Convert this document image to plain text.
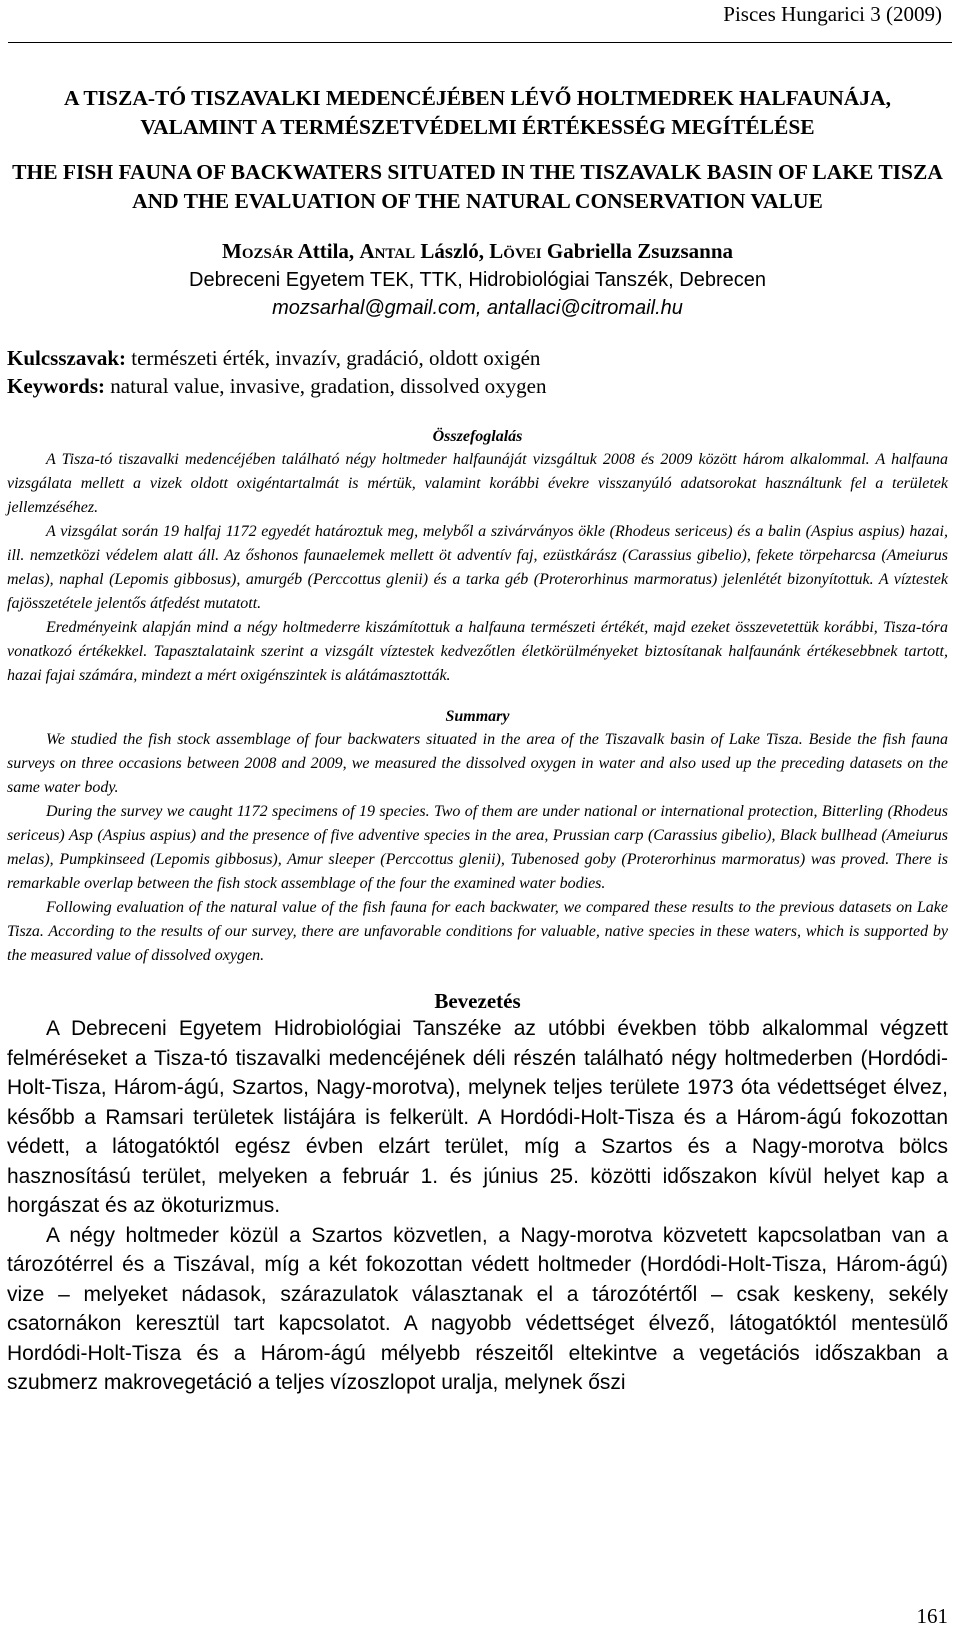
Pisces Hungarici 3 (2009)

A TISZA-TÓ TISZAVALKI MEDENCÉJÉBEN LÉVŐ HOLTMEDREK HALFAUNÁJA, VALAMINT A TERMÉSZETVÉDELMI ÉRTÉKESSÉG MEGÍTÉLÉSE

THE FISH FAUNA OF BACKWATERS SITUATED IN THE TISZAVALK BASIN OF LAKE TISZA AND THE EVALUATION OF THE NATURAL CONSERVATION VALUE

Mozsár Attila, Antal László, Lövei Gabriella Zsuzsanna
Debreceni Egyetem TEK, TTK, Hidrobiológiai Tanszék, Debrecen
mozsarhal@gmail.com, antallaci@citromail.hu
Kulcsszavak: természeti érték, invazív, gradáció, oldott oxigén
Keywords: natural value, invasive, gradation, dissolved oxygen
Összefoglalás

A Tisza-tó tiszavalki medencéjében található négy holtmeder halfaunáját vizsgáltuk 2008 és 2009 között három alkalommal. A halfauna vizsgálata mellett a vizek oldott oxigéntartalmát is mértük, valamint korábbi évekre visszanyúló adatsorokat használtunk fel a területek jellemzéséhez.

A vizsgálat során 19 halfaj 1172 egyedét határoztuk meg, melyből a szivárványos ökle (Rhodeus sericeus) és a balin (Aspius aspius) hazai, ill. nemzetközi védelem alatt áll. Az őshonos faunaelemek mellett öt adventív faj, ezüstkárász (Carassius gibelio), fekete törpeharcsa (Ameiurus melas), naphal (Lepomis gibbosus), amurgéb (Perccottus glenii) és a tarka géb (Proterorhinus marmoratus) jelenlétét bizonyítottuk. A víztestek fajösszetétele jelentős átfedést mutatott.

Eredményeink alapján mind a négy holtmederre kiszámítottuk a halfauna természeti értékét, majd ezeket összevetettük korábbi, Tisza-tóra vonatkozó értékekkel. Tapasztalataink szerint a vizsgált víztestek kedvezőtlen életkörülményeket biztosítanak halfaunánk értékesebbnek tartott, hazai fajai számára, mindezt a mért oxigénszintek is alátámasztották.

Summary

We studied the fish stock assemblage of four backwaters situated in the area of the Tiszavalk basin of Lake Tisza. Beside the fish fauna surveys on three occasions between 2008 and 2009, we measured the dissolved oxygen in water and also used up the preceding datasets on the same water body.

During the survey we caught 1172 specimens of 19 species. Two of them are under national or international protection, Bitterling (Rhodeus sericeus) Asp (Aspius aspius) and the presence of five adventive species in the area, Prussian carp (Carassius gibelio), Black bullhead (Ameiurus melas), Pumpkinseed (Lepomis gibbosus), Amur sleeper (Perccottus glenii), Tubenosed goby (Proterorhinus marmoratus) was proved. There is remarkable overlap between the fish stock assemblage of the four the examined water bodies.

Following evaluation of the natural value of the fish fauna for each backwater, we compared these results to the previous datasets on Lake Tisza. According to the results of our survey, there are unfavorable conditions for valuable, native species in these waters, which is supported by the measured value of dissolved oxygen.

Bevezetés

A Debreceni Egyetem Hidrobiológiai Tanszéke az utóbbi években több alkalommal végzett felméréseket a Tisza-tó tiszavalki medencéjének déli részén található négy holtmederben (Hordódi-Holt-Tisza, Három-ágú, Szartos, Nagy-morotva), melynek teljes területe 1973 óta védettséget élvez, később a Ramsari területek listájára is felkerült. A Hordódi-Holt-Tisza és a Három-ágú fokozottan védett, a látogatóktól egész évben elzárt terület, míg a Szartos és a Nagy-morotva bölcs hasznosítású terület, melyeken a február 1. és június 25. közötti időszakon kívül helyet kap a horgászat és az ökoturizmus.

A négy holtmeder közül a Szartos közvetlen, a Nagy-morotva közvetett kapcsolatban van a tározótérrel és a Tiszával, míg a két fokozottan védett holtmeder (Hordódi-Holt-Tisza, Három-ágú) vize – melyeket nádasok, szárazulatok választanak el a tározótértől – csak keskeny, sekély csatornákon keresztül tart kapcsolatot. A nagyobb védettséget élvező, látogatóktól mentesülő Hordódi-Holt-Tisza és a Három-ágú mélyebb részeitől eltekintve a vegetációs időszakban a szubmerz makrovegetáció a teljes vízoszlopot uralja, melynek őszi

161
